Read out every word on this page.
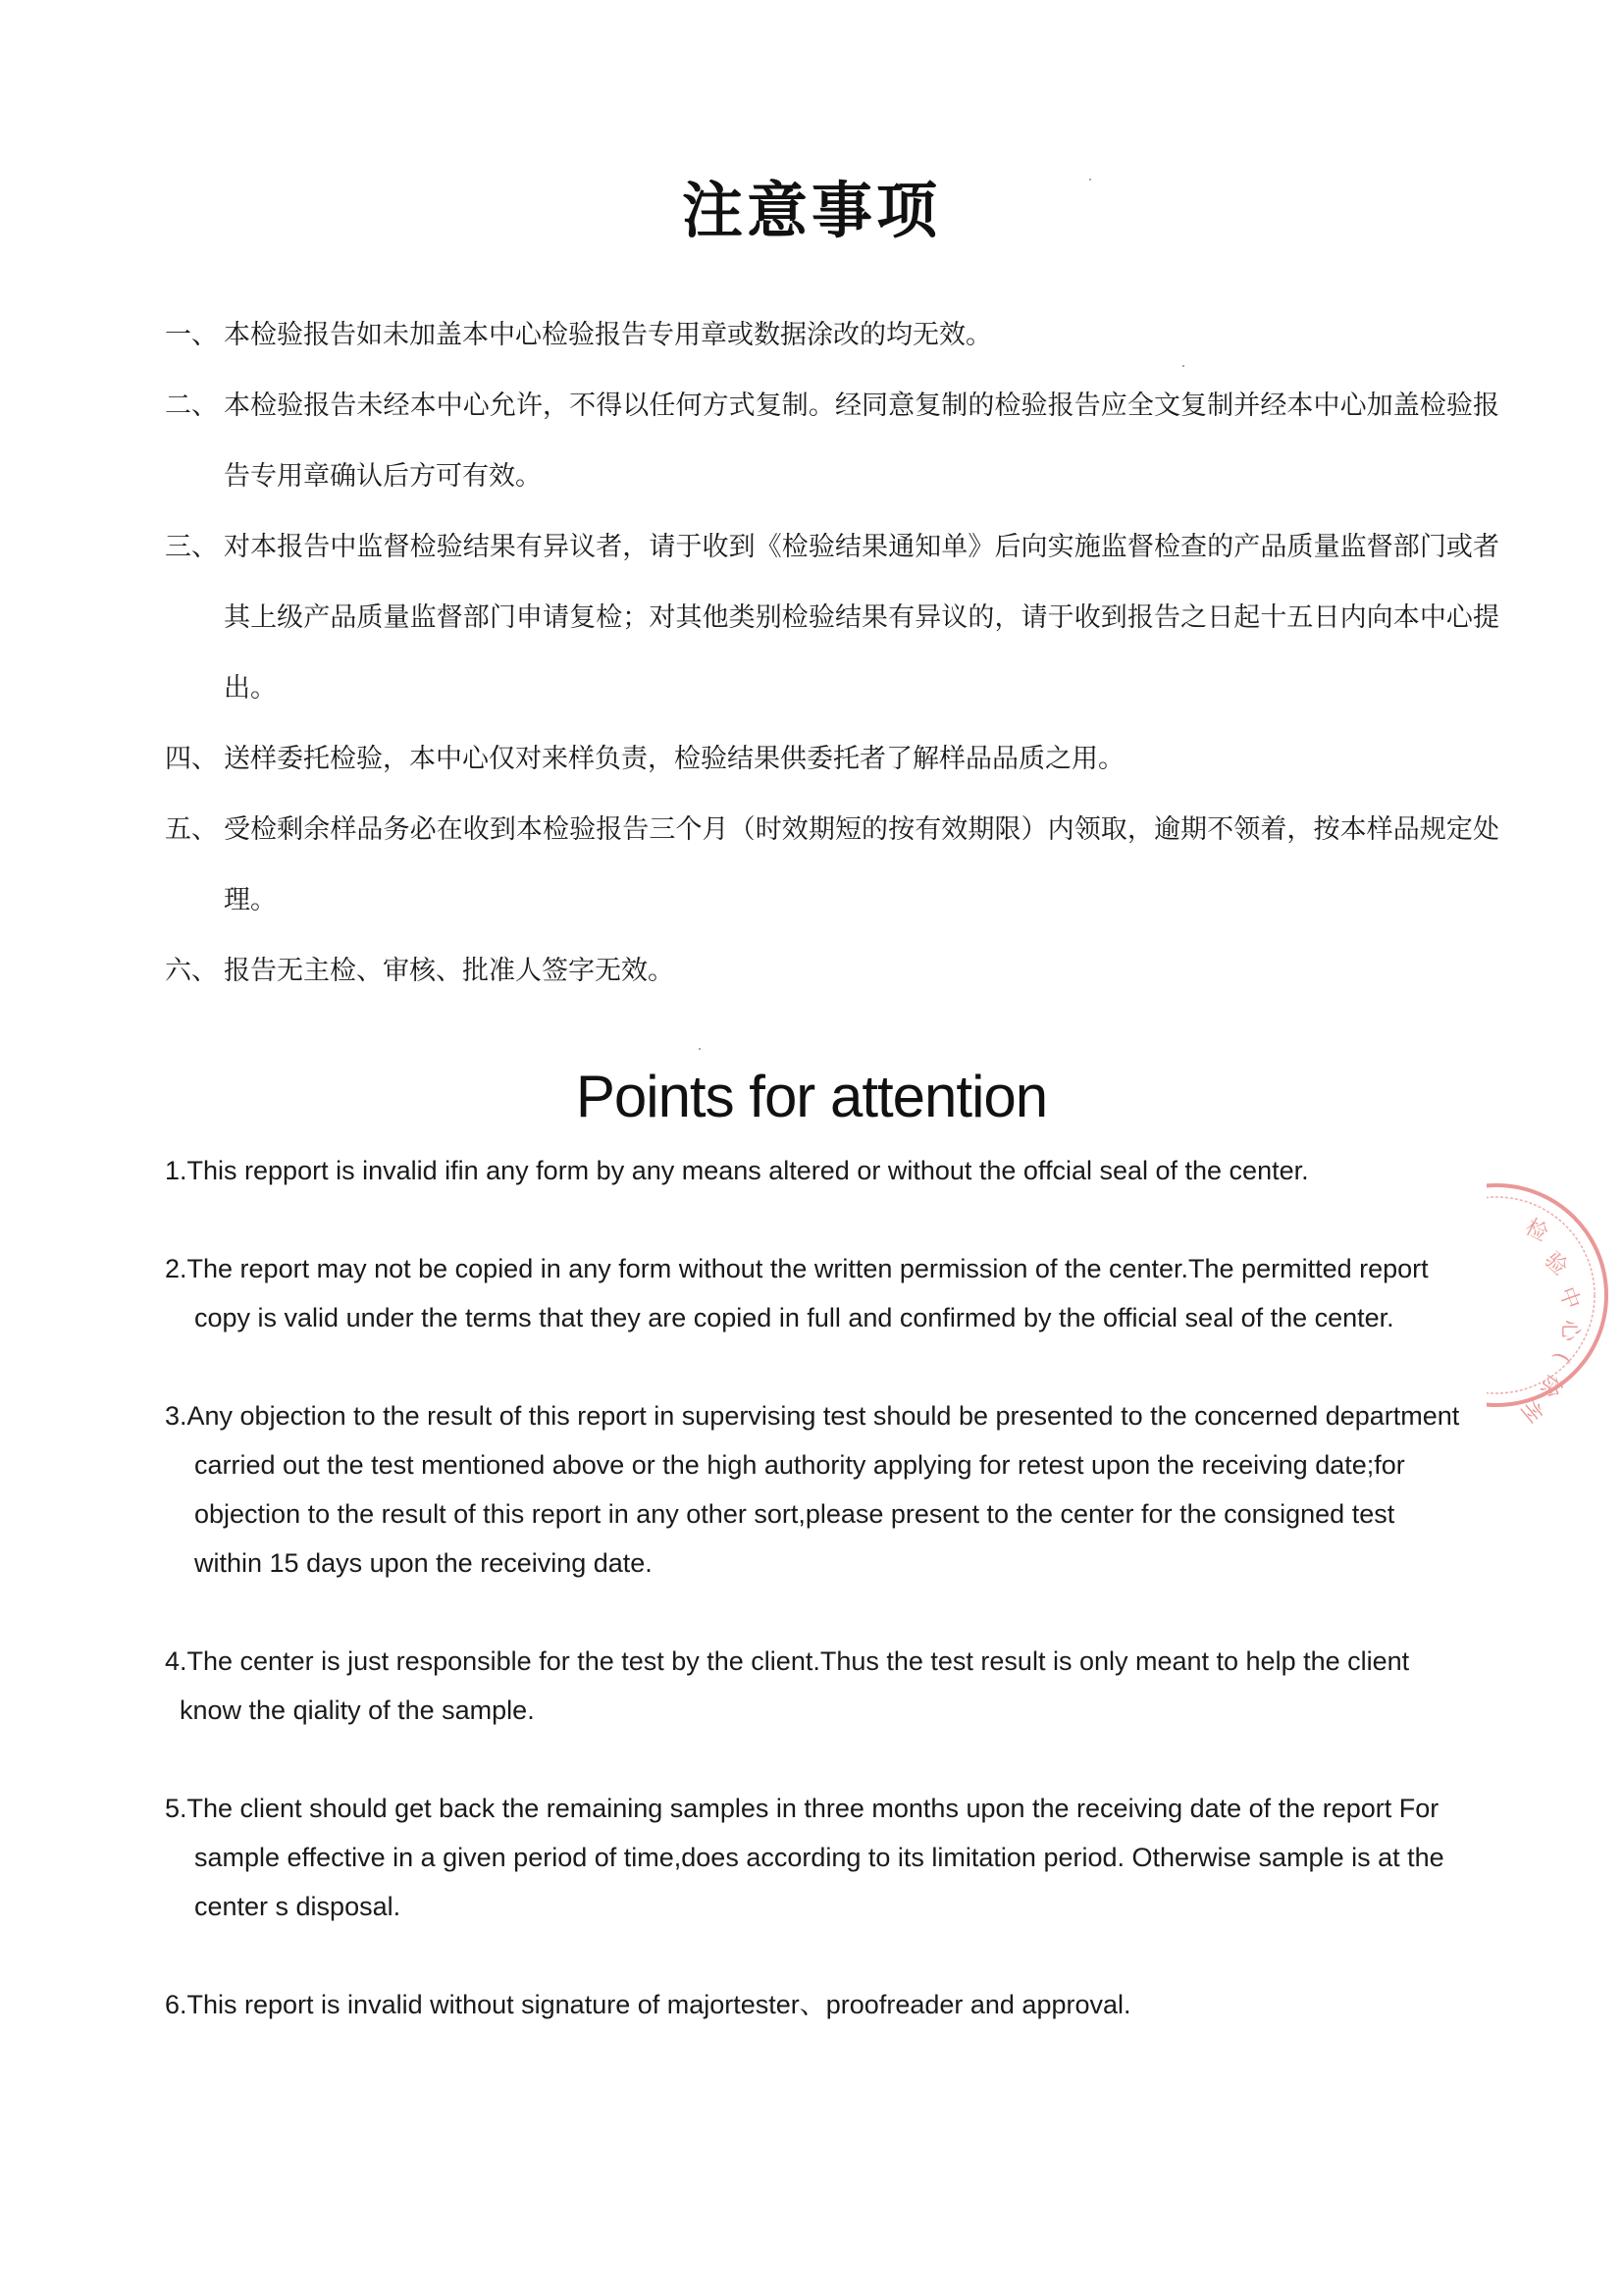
注意事项

一、 本检验报告如未加盖本中心检验报告专用章或数据涂改的均无效。

二、 本检验报告未经本中心允许，不得以任何方式复制。经同意复制的检验报告应全文复制并经本中心加盖检验报告专用章确认后方可有效。

三、 对本报告中监督检验结果有异议者，请于收到《检验结果通知单》后向实施监督检查的产品质量监督部门或者其上级产品质量监督部门申请复检；对其他类别检验结果有异议的，请于收到报告之日起十五日内向本中心提出。

四、 送样委托检验，本中心仅对来样负责，检验结果供委托者了解样品品质之用。

五、 受检剩余样品务必在收到本检验报告三个月（时效期短的按有效期限）内领取，逾期不领着，按本样品规定处理。

六、 报告无主检、审核、批准人签字无效。

Points for attention

1.This repport is invalid ifin any form by any means altered or without the offcial seal of the center.

2.The report may not be copied in any form without the written permission of the center.The permitted report copy is valid under the terms that they are copied in full and confirmed by the official seal of the center.

3.Any objection to the result of this report in supervising test should be presented to the concerned department carried out the test mentioned above or the high authority applying for retest upon the receiving date;for objection to the result of this report in any other sort,please present to the center for the consigned test within 15 days upon the receiving date.

4.The center is just responsible for the test by the client.Thus the test result is only meant to help the client know the qiality of the sample.

5.The client should get back the remaining samples in three months upon the receiving date of the report For sample effective in a given period of time,does according to its limitation period. Otherwise sample is at the center s disposal.

6.This report is invalid without signature of majortester、proofreader and approval.

检
验
中
心
(
徐
州
